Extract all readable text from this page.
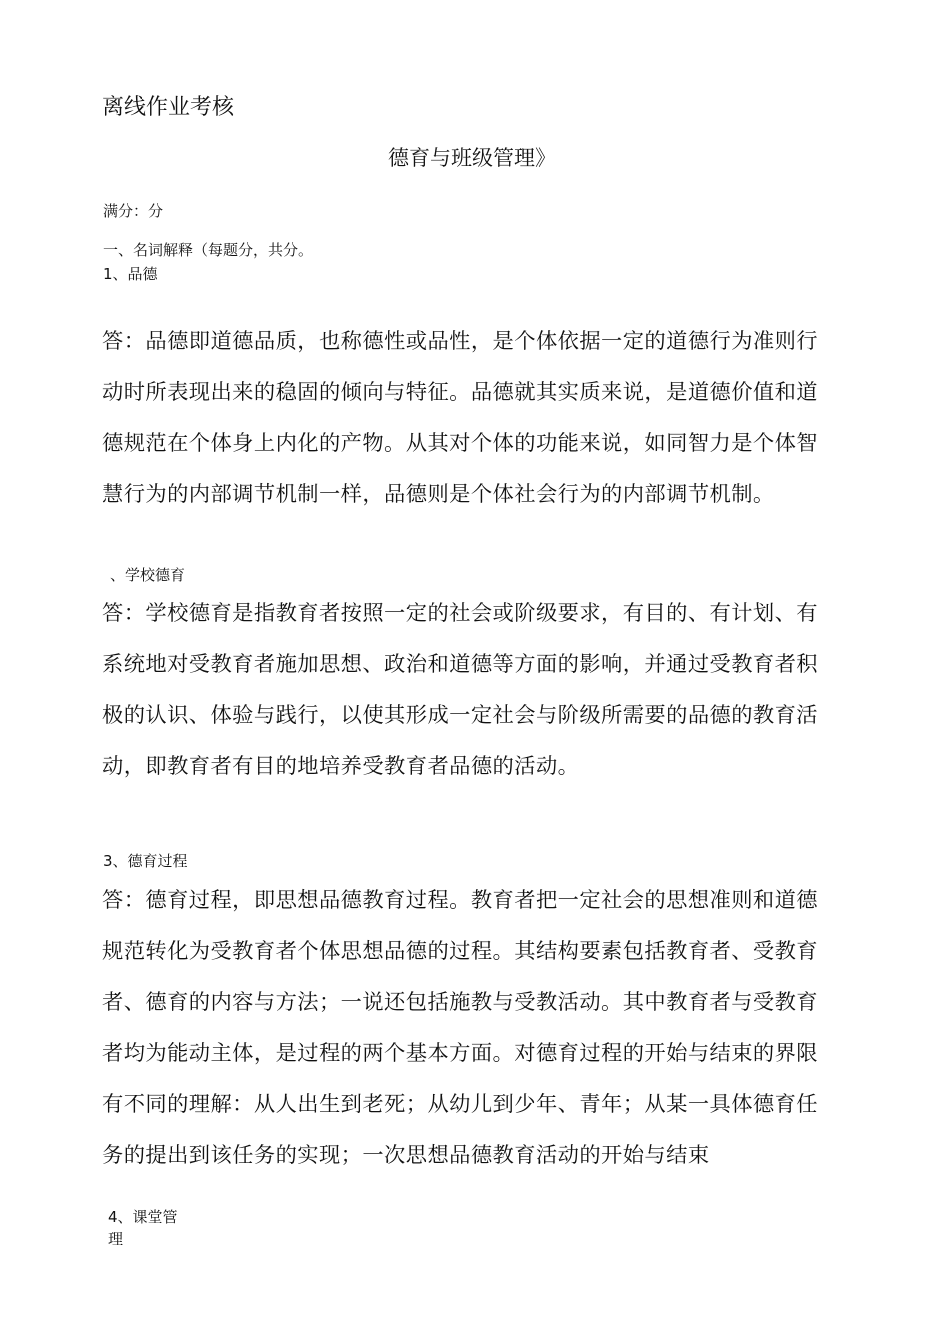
离线作业考核
德育与班级管理》
满分：分
一、名词解释（每题分，共分。
1、品德
答：品德即道德品质，也称德性或品性，是个体依据一定的道德行为准则行
动时所表现出来的稳固的倾向与特征。品德就其实质来说，是道德价值和道
德规范在个体身上内化的产物。从其对个体的功能来说，如同智力是个体智
慧行为的内部调节机制一样，品德则是个体社会行为的内部调节机制。
、学校德育
答：学校德育是指教育者按照一定的社会或阶级要求，有目的、有计划、有
系统地对受教育者施加思想、政治和道德等方面的影响，并通过受教育者积
极的认识、体验与践行，以使其形成一定社会与阶级所需要的品德的教育活
动，即教育者有目的地培养受教育者品德的活动。
3、德育过程
答：德育过程，即思想品德教育过程。教育者把一定社会的思想准则和道德
规范转化为受教育者个体思想品德的过程。其结构要素包括教育者、受教育
者、德育的内容与方法；一说还包括施教与受教活动。其中教育者与受教育
者均为能动主体，是过程的两个基本方面。对德育过程的开始与结束的界限
有不同的理解：从人出生到老死；从幼儿到少年、青年；从某一具体德育任
务的提出到该任务的实现；一次思想品德教育活动的开始与结束
4、课堂管
理
